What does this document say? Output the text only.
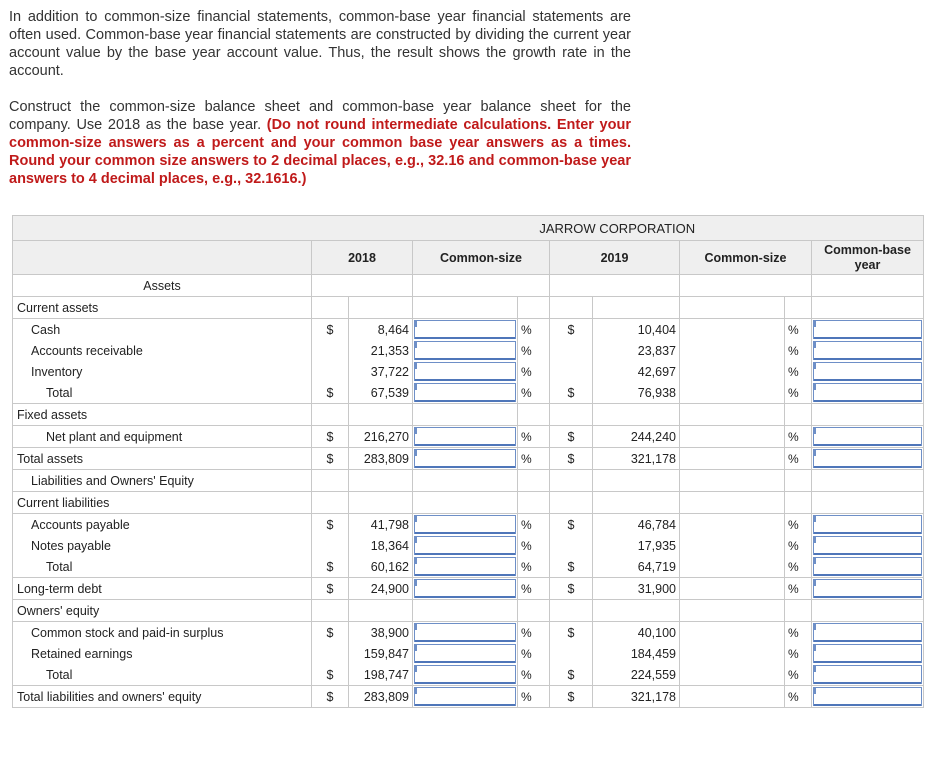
In addition to common-size financial statements, common-base year financial statements are often used. Common-base year financial statements are constructed by dividing the current year account value by the base year account value. Thus, the result shows the growth rate in the account.

Construct the common-size balance sheet and common-base year balance sheet for the company. Use 2018 as the base year. (Do not round intermediate calculations. Enter your common-size answers as a percent and your common base year answers as a times. Round your common size answers to 2 decimal places, e.g., 32.16 and common-base year answers to 4 decimal places, e.g., 32.1616.)

	JARROW CORPORATION								
	2018		Common-size		2019		Common-size		Common-base year
Assets									
Current assets									
Cash	$	8,464		%	$	10,404		%	

Accounts receivable		21,353		%		23,837		%	

Inventory		37,722		%		42,697		%	

Total	$	67,539		%	$	76,938		%	

Fixed assets									
Net plant and equipment	$	216,270		%	$	244,240		%	

Total assets	$	283,809		%	$	321,178		%	

Liabilities and Owners' Equity									
Current liabilities									
Accounts payable	$	41,798		%	$	46,784		%	

Notes payable		18,364		%		17,935		%	

Total	$	60,162		%	$	64,719		%	

Long-term debt	$	24,900		%	$	31,900		%	

Owners' equity									
Common stock and paid-in surplus	$	38,900		%	$	40,100		%	

Retained earnings		159,847		%		184,459		%	

Total	$	198,747		%	$	224,559		%	

Total liabilities and owners' equity	$	283,809		%	$	321,178		%	
